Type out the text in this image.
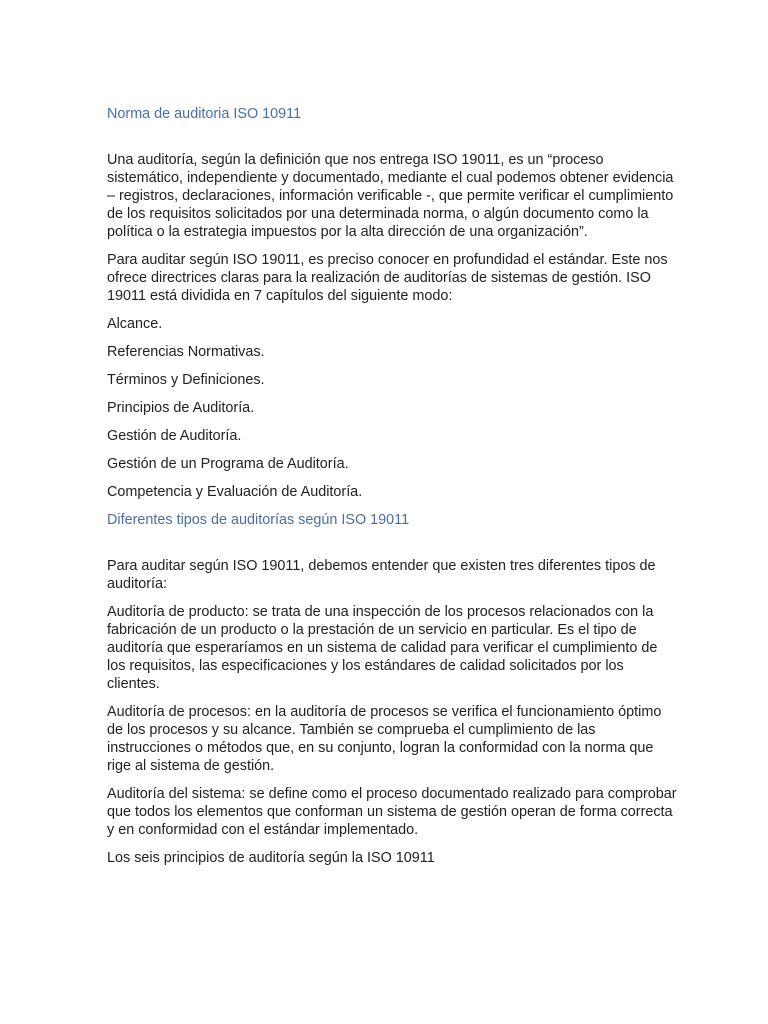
Norma de auditoria ISO 10911

Una auditoría, según la definición que nos entrega ISO 19011, es un “proceso sistemático, independiente y documentado, mediante el cual podemos obtener evidencia – registros, declaraciones, información verificable -, que permite verificar el cumplimiento de los requisitos solicitados por una determinada norma, o algún documento como la política o la estrategia impuestos por la alta dirección de una organización”.

Para auditar según ISO 19011, es preciso conocer en profundidad el estándar. Este nos ofrece directrices claras para la realización de auditorías de sistemas de gestión. ISO 19011 está dividida en 7 capítulos del siguiente modo:

Alcance.
Referencias Normativas.
Términos y Definiciones.
Principios de Auditoría.
Gestión de Auditoría.
Gestión de un Programa de Auditoría.
Competencia y Evaluación de Auditoría.

Diferentes tipos de auditorías según ISO 19011

Para auditar según ISO 19011, debemos entender que existen tres diferentes tipos de auditoría:

Auditoría de producto: se trata de una inspección de los procesos relacionados con la fabricación de un producto o la prestación de un servicio en particular. Es el tipo de auditoría que esperaríamos en un sistema de calidad para verificar el cumplimiento de los requisitos, las especificaciones y los estándares de calidad solicitados por los clientes.

Auditoría de procesos: en la auditoría de procesos se verifica el funcionamiento óptimo de los procesos y su alcance. También se comprueba el cumplimiento de las instrucciones o métodos que, en su conjunto, logran la conformidad con la norma que rige al sistema de gestión.

Auditoría del sistema: se define como el proceso documentado realizado para comprobar que todos los elementos que conforman un sistema de gestión operan de forma correcta y en conformidad con el estándar implementado.

Los seis principios de auditoría según la ISO 10911
